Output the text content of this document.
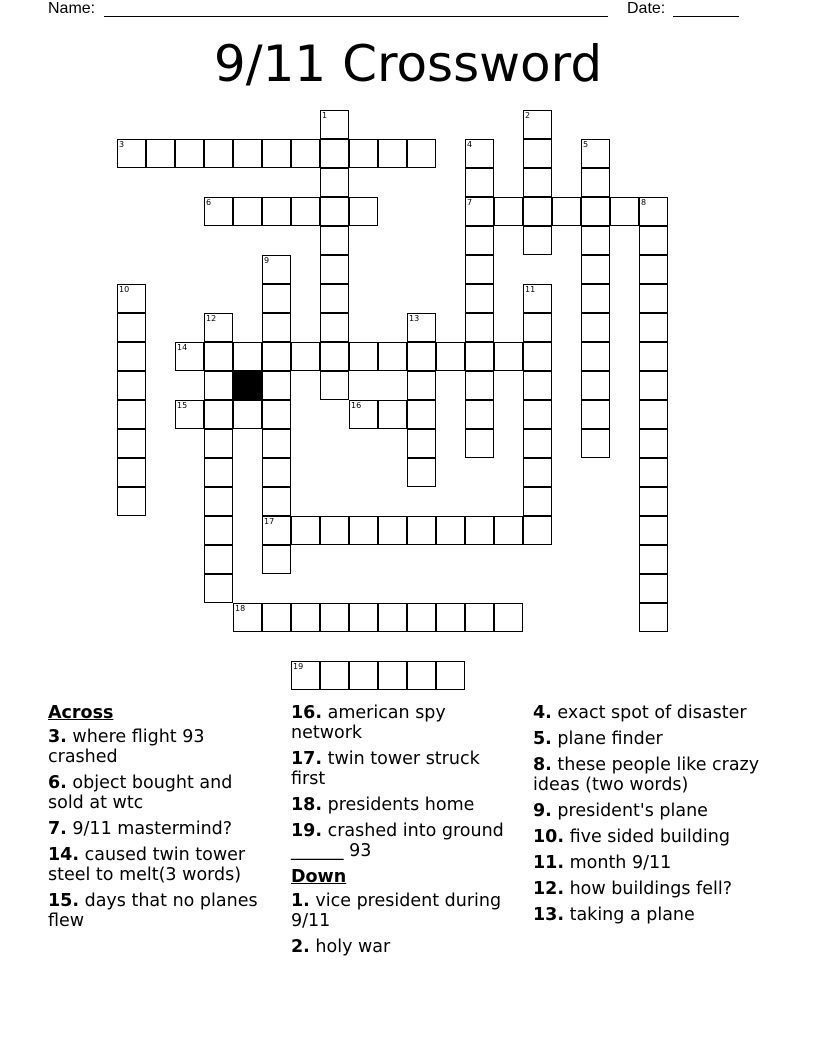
Name:	Date:
9/11 Crossword
3
6	7
14
15	16
17
18
19
1	2
4	5
8
9
10	11
12	13
Across
3. where flight 93 crashed
6. object bought and sold at wtc
7. 9/11 mastermind?
14. caused twin tower steel to melt(3 words)
15. days that no planes flew
16. american spy network
17. twin tower struck first
18. presidents home
19. crashed into ground ______ 93
Down
1. vice president during 9/11
2. holy war
4. exact spot of disaster
5. plane finder
8. these people like crazy ideas (two words)
9. president's plane
10. five sided building
11. month 9/11
12. how buildings fell?
13. taking a plane
